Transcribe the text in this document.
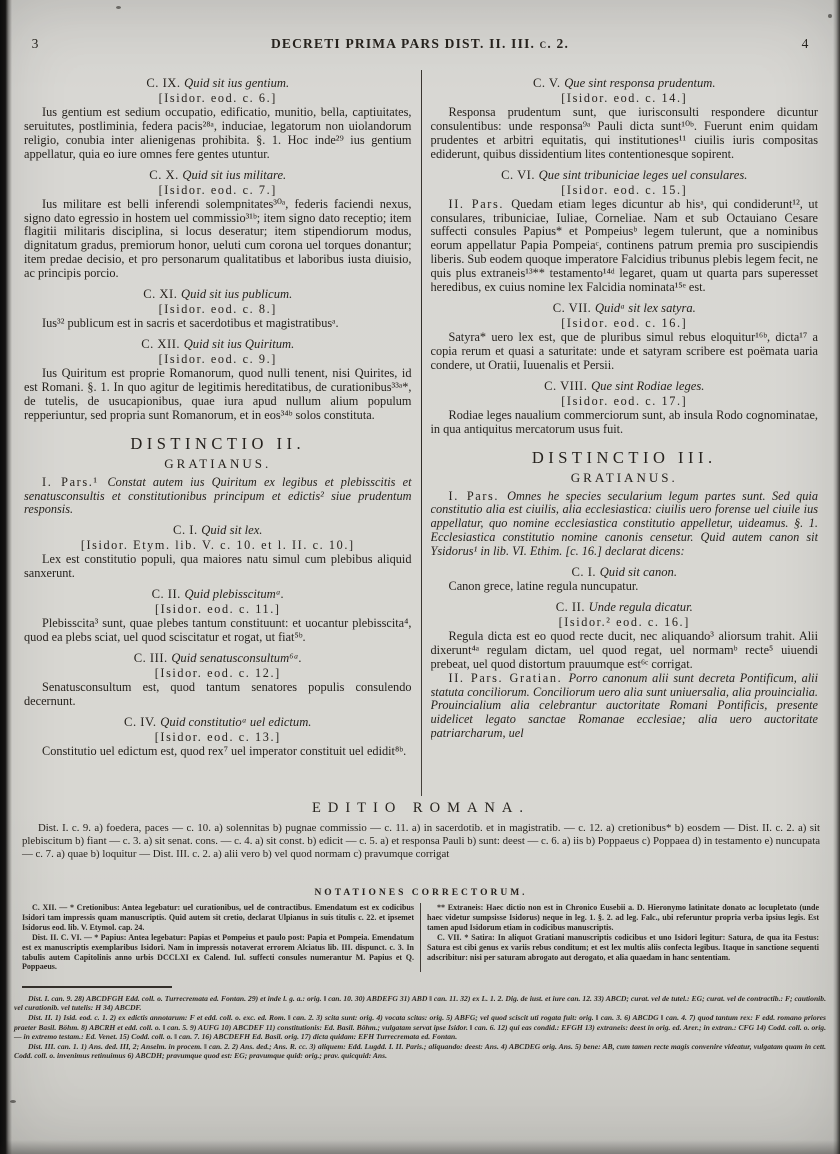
3	DECRETI PRIMA PARS DIST. II. III. c. 2.	4
C. IX. Quid sit ius gentium.
[Isidor. eod. c. 6.]

Ius gentium est sedium occupatio, edificatio, munitio, bella, captiuitates, seruitutes, postliminia, federa pacis²⁸ᵃ, induciae, legatorum non uiolandorum religio, conubia inter alienigenas prohibita. §. 1. Hoc inde²⁹ ius gentium appellatur, quia eo iure omnes fere gentes utuntur.

C. X. Quid sit ius militare.
[Isidor. eod. c. 7.]

Ius militare est belli inferendi solempnitates³⁰ᵃ, federis faciendi nexus, signo dato egressio in hostem uel commissio³¹ᵇ; item signo dato receptio; item flagitii militaris disciplina, si locus deseratur; item stipendiorum modus, dignitatum gradus, premiorum honor, ueluti cum corona uel torques donantur; item predae decisio, et pro personarum qualitatibus et laboribus iusta diuisio, ac principis porcio.

C. XI. Quid sit ius publicum.
[Isidor. eod. c. 8.]

Ius³² publicum est in sacris et sacerdotibus et magistratibusᵃ.

C. XII. Quid sit ius Quiritum.
[Isidor. eod. c. 9.]

Ius Quiritum est proprie Romanorum, quod nulli tenent, nisi Quirites, id est Romani. §. 1. In quo agitur de legitimis hereditatibus, de curationibus³³ᵃ*, de tutelis, de usucapionibus, quae iura apud nullum alium populum repperiuntur, sed propria sunt Romanorum, et in eos³⁴ᵇ solos constituta.

DISTINCTIO II.
GRATIANUS.

I. Pars.¹ Constat autem ius Quiritum ex legibus et plebisscitis et senatusconsultis et constitutionibus principum et edictis² siue prudentum responsis.

C. I. Quid sit lex.
[Isidor. Etym. lib. V. c. 10. et l. II. c. 10.]

Lex est constitutio populi, qua maiores natu simul cum plebibus aliquid sanxerunt.

C. II. Quid plebisscitumᵃ.
[Isidor. eod. c. 11.]

Plebisscita³ sunt, quae plebes tantum constituunt: et uocantur plebisscita⁴, quod ea plebs sciat, uel quod sciscitatur et rogat, ut fiat⁵ᵇ.

C. III. Quid senatusconsultum⁶ᵃ.
[Isidor. eod. c. 12.]

Senatusconsultum est, quod tantum senatores populis consulendo decernunt.

C. IV. Quid constitutioᵃ uel edictum.
[Isidor. eod. c. 13.]

Constitutio uel edictum est, quod rex⁷ uel imperator constituit uel edidit⁸ᵇ.

C. V. Que sint responsa prudentum.
[Isidor. eod. c. 14.]

Responsa prudentum sunt, que iurisconsulti respondere dicuntur consulentibus: unde responsa⁹ᵃ Pauli dicta sunt¹⁰ᵇ. Fuerunt enim quidam prudentes et arbitri equitatis, qui institutiones¹¹ ciuilis iuris compositas ediderunt, quibus dissidentium lites contentionesque sopirent.

C. VI. Que sint tribuniciae leges uel consulares.
[Isidor. eod. c. 15.]

II. Pars. Quedam etiam leges dicuntur ab hisᵃ, qui condiderunt¹², ut consulares, tribuniciae, Iuliae, Corneliae. Nam et sub Octauiano Cesare suffecti consules Papius* et Pompeiusᵇ legem tulerunt, que a nominibus eorum appellatur Papia Pompeiaᶜ, continens patrum premia pro suscipiendis liberis. Sub eodem quoque imperatore Falcidius tribunus plebis legem fecit, ne quis plus extraneis¹³** testamento¹⁴ᵈ legaret, quam ut quarta pars superesset heredibus, ex cuius nomine lex Falcidia nominata¹⁵ᵉ est.

C. VII. Quidᵃ sit lex satyra.
[Isidor. eod. c. 16.]

Satyra* uero lex est, que de pluribus simul rebus eloquitur¹⁶ᵇ, dicta¹⁷ a copia rerum et quasi a saturitate: unde et satyram scribere est poëmata uaria condere, ut Oratii, Iuuenalis et Persii.

C. VIII. Que sint Rodiae leges.
[Isidor. eod. c. 17.]

Rodiae leges naualium commerciorum sunt, ab insula Rodo cognominatae, in qua antiquitus mercatorum usus fuit.

DISTINCTIO III.
GRATIANUS.

I. Pars. Omnes he species secularium legum partes sunt. Sed quia constitutio alia est ciuilis, alia ecclesiastica: ciuilis uero forense uel ciuile ius appellatur, quo nomine ecclesiastica constitutio appelletur, uideamus. §. 1. Ecclesiastica constitutio nomine canonis censetur. Quid autem canon sit Ysidorus¹ in lib. VI. Ethim. [c. 16.] declarat dicens:

C. I. Quid sit canon.

Canon grece, latine regula nuncupatur.

C. II. Unde regula dicatur.
[Isidor.² eod. c. 16.]

Regula dicta est eo quod recte ducit, nec aliquando³ aliorsum trahit. Alii dixerunt⁴ᵃ regulam dictam, uel quod regat, uel normamᵇ recte⁵ uiuendi prebeat, uel quod distortum prauumque est⁶ᶜ corrigat.

II. Pars. Gratian. Porro canonum alii sunt decreta Pontificum, alii statuta conciliorum. Conciliorum uero alia sunt uniuersalia, alia prouincialia. Prouincialium alia celebrantur auctoritate Romani Pontificis, presente uidelicet legato sanctae Romanae ecclesiae; alia uero auctoritate patriarcharum, uel

EDITIO ROMANA.

Dist. I. c. 9. a) foedera, paces — c. 10. a) solennitas b) pugnae commissio — c. 11. a) in sacerdotib. et in magistratib. — c. 12. a) cretionibus* b) eosdem — Dist. II. c. 2. a) sit plebiscitum b) fiant — c. 3. a) sit senat. cons. — c. 4. a) sit const. b) edicit — c. 5. a) et responsa Pauli b) sunt: deest — c. 6. a) iis b) Poppaeus c) Poppaea d) in testamento e) nuncupata — c. 7. a) quae b) loquitur — Dist. III. c. 2. a) alii vero b) vel quod normam c) pravumque corrigat

NOTATIONES CORRECTORUM.

C. XII. — * Cretionibus: Antea legebatur: uel curationibus, uel de contractibus. Emendatum est ex codicibus Isidori tam impressis quam manuscriptis. Quid autem sit cretio, declarat Ulpianus in suis titulis c. 22. et ipsemet Isidorus eod. lib. V. Etymol. cap. 24.

Dist. II. C. VI. — * Papius: Antea legebatur: Papias et Pompeius et paulo post: Papia et Pompeia. Emendatum est ex manuscriptis exemplaribus Isidori. Nam in impressis notaverat errorem Alciatus lib. III. dispunct. c. 3. In tabulis autem Capitolinis anno urbis DCCLXI ex Calend. Iul. suffecti consules numerantur M. Papius et Q. Poppaeus.

** Extraneis: Haec dictio non est in Chronico Eusebii a. D. Hieronymo latinitate donato ac locupletato (unde haec videtur sumpsisse Isidorus) neque in leg. 1. §. 2. ad leg. Falc., ubi referuntur propria verba ipsius legis. Est tamen apud Isidorum etiam in codicibus manuscriptis.

C. VII. * Satira: In aliquot Gratiani manuscriptis codicibus et uno Isidori legitur: Satura, de qua ita Festus: Satura est cibi genus ex variis rebus conditum; et est lex multis aliis confecta legibus. Itaque in sanctione sequenti adscribitur: nisi per saturam abrogato aut derogato, et alia quaedam in hanc sententiam.

Dist. I. can. 9. 28) ABCDFGH Edd. coll. o. Turrecremata ed. Fontan. 29) et inde l. g. a.: orig. ‖ can. 10. 30) ABDEFG 31) ABD ‖ can. 11. 32) ex L. 1. 2. Dig. de iust. et iure can. 12. 33) ABCD; curat. vel de tutel.: EG; curat. vel de contractib.: F; cautionib. vel curationib. vel tutelis: H 34) ABCDF.

Dist. II. 1) Isid. eod. c. 1. 2) ex edictis annotarum: F et edd. coll. o. exc. ed. Rom. ‖ can. 2. 3) scita sunt: orig. 4) vocata scitas: orig. 5) ABFG; vel quod sciscit uti rogata fuit: orig. ‖ can. 3. 6) ABCDG ‖ can. 4. 7) quod tantum rex: F edd. romano priores praeter Basil. Böhm. 8) ABCRH et edd. coll. o. ‖ can. 5. 9) AUFG 10) ABCDEF 11) constitutionis: Ed. Basil. Böhm.; vulgatam servat ipse Isidor. ‖ can. 6. 12) qui eas condid.: EFGH 13) extraneis: deest in orig. ed. Arer.; in extran.: CFG 14) Codd. coll. o. orig. — in extremo testam.: Ed. Venet. 15) Codd. coll. o. ‖ can. 7. 16) ABCDEFH Ed. Basil. orig. 17) dicta quidam: EFH Turrecremata ed. Fontan.

Dist. III. can. 1. 1) Ans. ded. III, 2; Anselm. in procem. ‖ can. 2. 2) Ans. ded.; Ans. R. cc. 3) aliquem: Edd. Lugdd. I. II. Paris.; aliquando: deest: Ans. 4) ABCDEG orig. Ans. 5) bene: AB, cum tamen recte magis convenire videatur, vulgatam quam in cett. Codd. coll. o. invenimus retinuimus 6) ABCDH; pravumque quod est: EG; pravumque quid: orig.; prav. quicquid: Ans.
